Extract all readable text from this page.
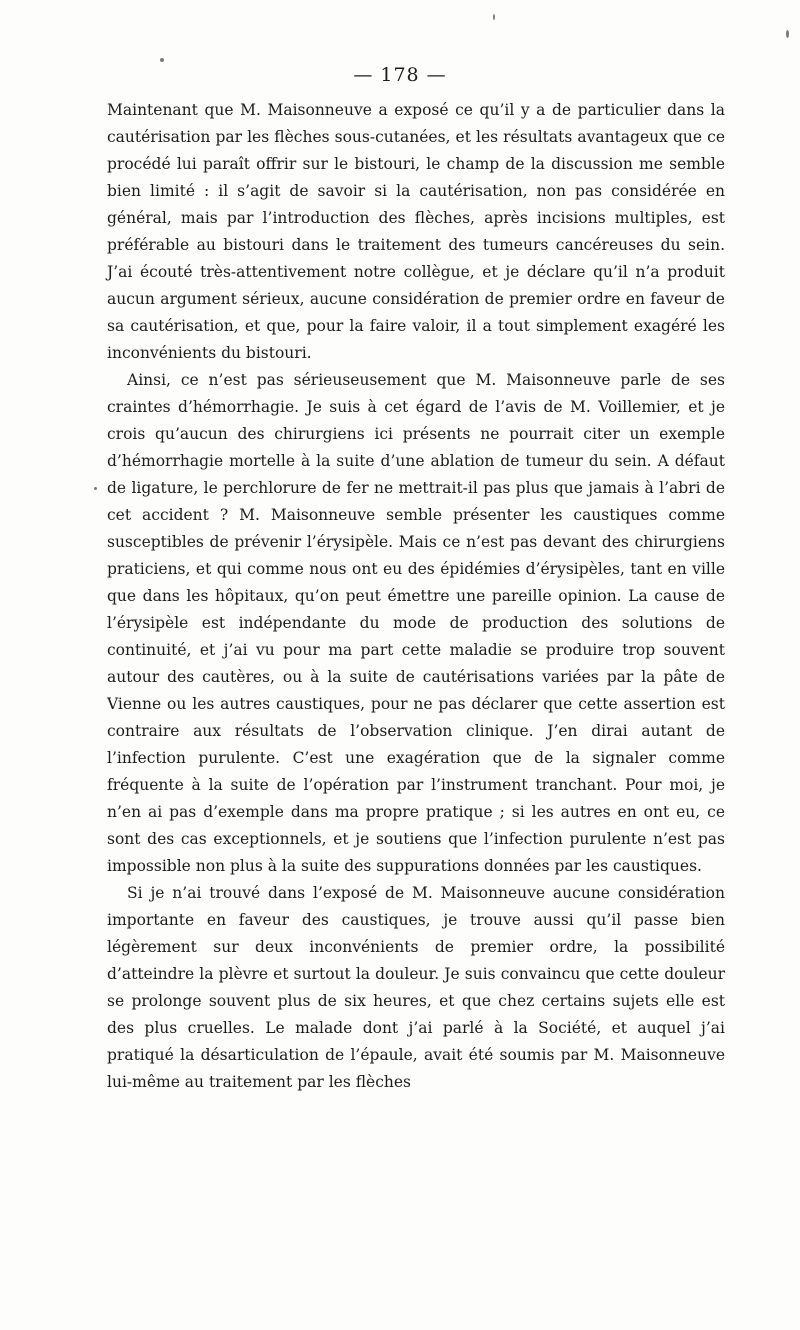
— 178 —

Maintenant que M. Maisonneuve a exposé ce qu’il y a de particulier dans la cautérisation par les flèches sous-cutanées, et les résultats avantageux que ce procédé lui paraît offrir sur le bistouri, le champ de la discussion me semble bien limité : il s’agit de savoir si la cautérisation, non pas considérée en général, mais par l’introduction des flèches, après incisions multiples, est préférable au bistouri dans le traitement des tumeurs cancéreuses du sein. J’ai écouté très-attentivement notre collègue, et je déclare qu’il n’a produit aucun argument sérieux, aucune considération de premier ordre en faveur de sa cautérisation, et que, pour la faire valoir, il a tout simplement exagéré les inconvénients du bistouri.

Ainsi, ce n’est pas sérieuseusement que M. Maisonneuve parle de ses craintes d’hémorrhagie. Je suis à cet égard de l’avis de M. Voillemier, et je crois qu’aucun des chirurgiens ici présents ne pourrait citer un exemple d’hémorrhagie mortelle à la suite d’une ablation de tumeur du sein. A défaut de ligature, le perchlorure de fer ne mettrait-il pas plus que jamais à l’abri de cet accident ? M. Maisonneuve semble présenter les caustiques comme susceptibles de prévenir l’érysipèle. Mais ce n’est pas devant des chirurgiens praticiens, et qui comme nous ont eu des épidémies d’érysipèles, tant en ville que dans les hôpitaux, qu’on peut émettre une pareille opinion. La cause de l’érysipèle est indépendante du mode de production des solutions de continuité, et j’ai vu pour ma part cette maladie se produire trop souvent autour des cautères, ou à la suite de cautérisations variées par la pâte de Vienne ou les autres caustiques, pour ne pas déclarer que cette assertion est contraire aux résultats de l’observation clinique. J’en dirai autant de l’infection purulente. C’est une exagération que de la signaler comme fréquente à la suite de l’opération par l’instrument tranchant. Pour moi, je n’en ai pas d’exemple dans ma propre pratique ; si les autres en ont eu, ce sont des cas exceptionnels, et je soutiens que l’infection purulente n’est pas impossible non plus à la suite des suppurations données par les caustiques.

Si je n’ai trouvé dans l’exposé de M. Maisonneuve aucune considération importante en faveur des caustiques, je trouve aussi qu’il passe bien légèrement sur deux inconvénients de premier ordre, la possibilité d’atteindre la plèvre et surtout la douleur. Je suis convaincu que cette douleur se prolonge souvent plus de six heures, et que chez certains sujets elle est des plus cruelles. Le malade dont j’ai parlé à la Société, et auquel j’ai pratiqué la désarticulation de l’épaule, avait été soumis par M. Maisonneuve lui-même au traitement par les flèches
